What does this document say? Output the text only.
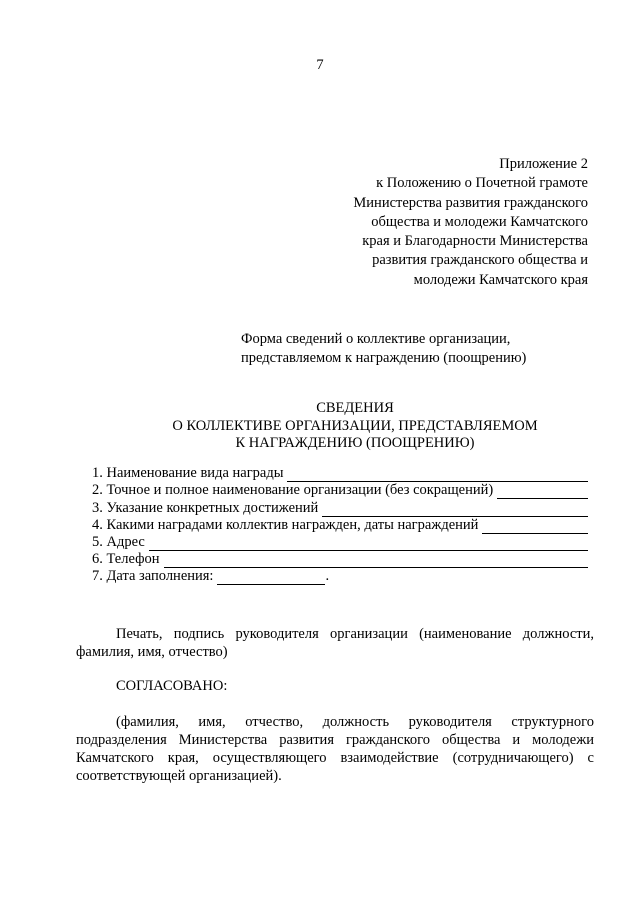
7
Приложение 2
к Положению о Почетной грамоте
Министерства развития гражданского
общества и молодежи Камчатского
края и Благодарности Министерства
развития гражданского общества и
молодежи Камчатского края
Форма сведений о коллективе организации,
представляемом к награждению (поощрению)
СВЕДЕНИЯ
О КОЛЛЕКТИВЕ ОРГАНИЗАЦИИ, ПРЕДСТАВЛЯЕМОМ
К НАГРАЖДЕНИЮ (ПООЩРЕНИЮ)
1. Наименование вида награды
2. Точное и полное наименование организации (без сокращений)
3. Указание конкретных достижений
4. Какими наградами коллектив награжден, даты награждений
5. Адрес
6. Телефон
7. Дата заполнения:	.
Печать, подпись руководителя организации (наименование должности, фамилия, имя, отчество)
СОГЛАСОВАНО:
(фамилия, имя, отчество, должность руководителя структурного подразделения Министерства развития гражданского общества и молодежи Камчатского края, осуществляющего взаимодействие (сотрудничающего) с соответствующей организацией).
